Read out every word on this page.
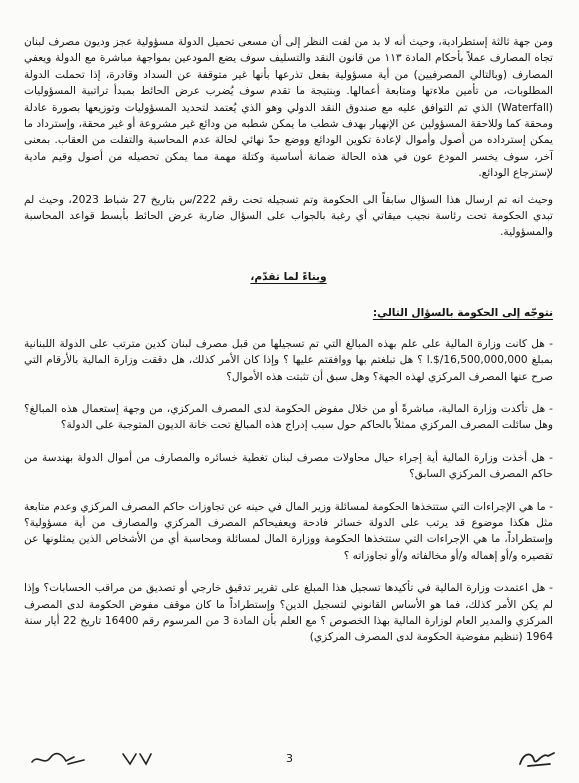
ومن جهة ثالثة إستطرادية، وحيث أنه لا بد من لفت النظر إلى أن مسعى تحميل الدولة مسؤولية عجز وديون مصرف لبنان تجاه المصارف عملاً بأحكام المادة ١١٣ من قانون النقد والتسليف سوف يضع المودعين بمواجهة مباشرة مع الدولة ويعفي المصارف (وبالتالي المصرفيين) من أية مسؤولية بفعل تذرعها بأنها غير متوقفة عن السداد وقادرة، إذا تحملت الدولة المطلوبات، من تأمين ملاءتها ومتابعة أعمالها. وبنتيجة ما تقدم سوف يُضرب عرض الحائط بمبدأ تراتبية المسؤوليات (Waterfall) الذي تم التوافق عليه مع صندوق النقد الدولي وهو الذي يُعتمد لتحديد المسؤوليات وتوزيعها بصورة عادلة ومحقة كما وللاحقة المسؤولين عن الإنهيار بهدف شطب ما يمكن شطبه من ودائع غير مشروعة أو غير محقة، وإسترداد ما يمكن إسترداده من أصول وأموال لإعادة تكوين الودائع ووضع حدّ نهائي لحالة عدم المحاسبة والتفلت من العقاب. بمعنى آخر، سوف يخسر المودع عون في هذه الحالة ضمانة أساسية وكتلة مهمة مما يمكن تحصيله من أصول وقيم مادية لإسترجاع الودائع.

وحيث انه تم ارسال هذا السؤال سابقاً الى الحكومة وتم تسجيله تحت رقم 222/س بتاريخ 27 شباط 2023، وحيث لم تبدي الحكومة تحت رئاسة نجيب ميقاتي أي رغبة بالجواب على السؤال ضاربة عرض الحائط بأبسط قواعد المحاسبة والمسؤولية.

وبناءً لما تقدّم،

نتوجّه إلى الحكومة بالسؤال التالي:

- هل كانت وزارة المالية على علم بهذه المبالغ التي تم تسجيلها من قبل مصرف لبنان كدين مترتب على الدولة اللبنانية بمبلغ 16,500,000,000/$.ا ؟ هل تبلغتم بها ووافقتم عليها ؟ وإذا كان الأمر كذلك، هل دققت وزارة المالية بالأرقام التي صرح عنها المصرف المركزي لهذه الجهة؟ وهل سبق أن تثبتت هذه الأموال؟

- هل تأكدت وزارة المالية، مباشرةً أو من خلال مفوض الحكومة لدى المصرف المركزي، من وجهة إستعمال هذه المبالغ؟ وهل سائلت المصرف المركزي ممثلاً بالحاكم حول سبب إدراج هذه المبالغ تحت خانة الديون المتوجبة على الدولة؟

- هل أخذت وزارة المالية أية إجراء حيال محاولات مصرف لبنان تغطية خسائره والمصارف من أموال الدولة بهندسة من حاكم المصرف المركزي السابق؟

- ما هي الإجراءات التي ستتخذها الحكومة لمسائلة وزير المال في حينه عن تجاوزات حاكم المصرف المركزي وعدم متابعة مثل هكذا موضوع قد يرتب على الدولة خسائر فادحة ويعفيحاكم المصرف المركزي والمصارف من أية مسؤولية؟ وإستطراداً، ما هي الإجراءات التي ستتخذها الحكومة ووزارة المال لمسائلة ومحاسبة أي من الأشخاص الذين يمثلونها عن تقصيره و/أو إهماله و/أو مخالفاته و/أو تجاوزاته ؟

- هل اعتمدت وزارة المالية في تأكيدها تسجيل هذا المبلغ على تقرير تدقيق خارجي أو تصديق من مراقب الحسابات؟ وإذا لم يكن الأمر كذلك، فما هو الأساس القانوني لتسجيل الدين؟ وإستطراداً ما كان موقف مفوض الحكومة لدى المصرف المركزي والمدير العام لوزارة المالية بهذا الخصوص ؟ مع العلم بأن المادة 3 من المرسوم رقم 16400 تاريخ 22 أيار سنة 1964 (تنظيم مفوضية الحكومة لدى المصرف المركزي)

3
